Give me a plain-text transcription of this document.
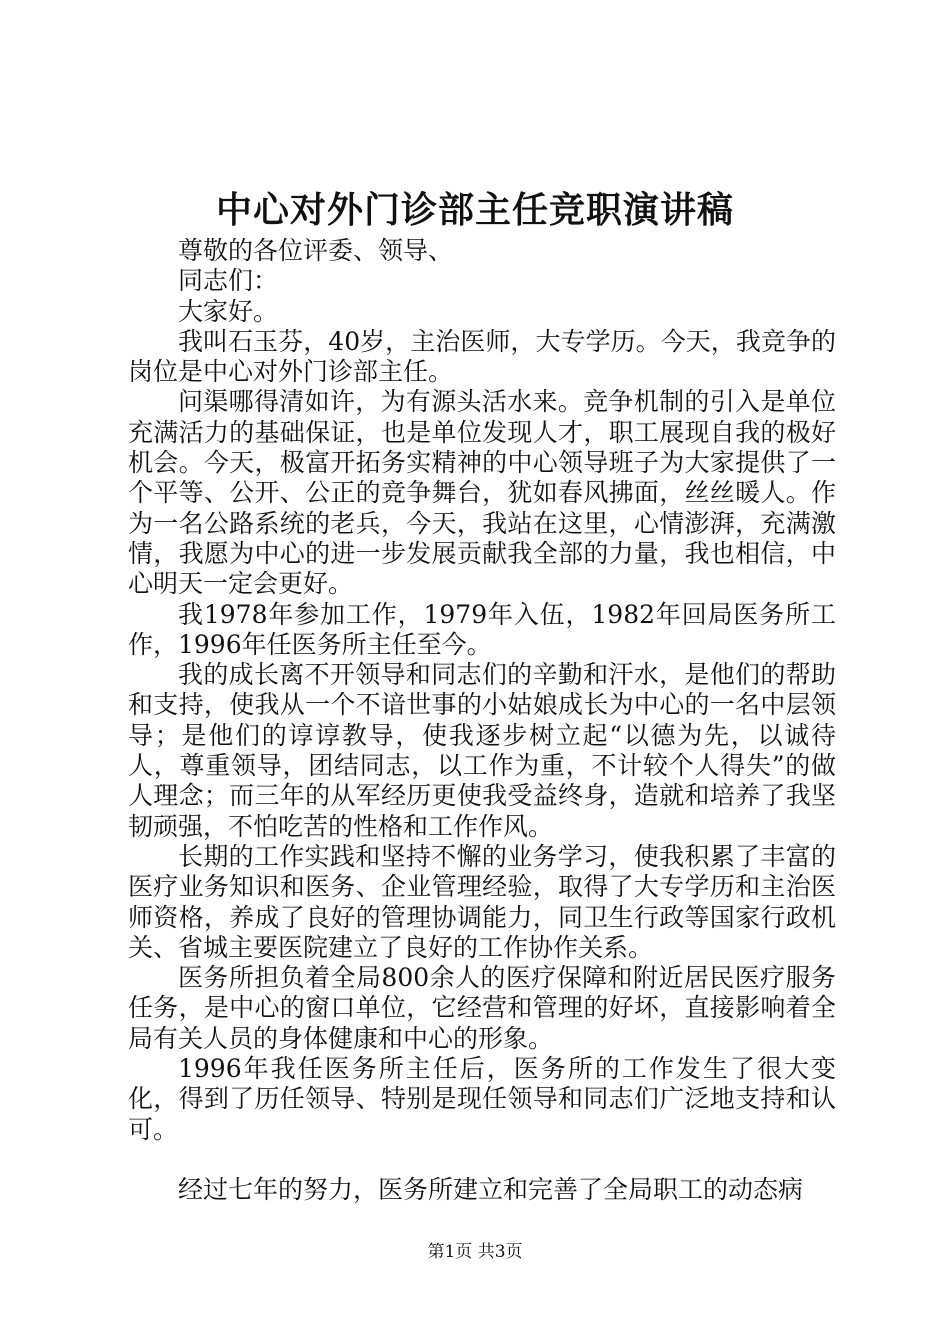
中心对外门诊部主任竞职演讲稿

尊敬的各位评委、领导、

同志们：

大家好。

我叫石玉芬，40岁，主治医师，大专学历。今天，我竞争的岗位是中心对外门诊部主任。

问渠哪得清如许，为有源头活水来。竞争机制的引入是单位充满活力的基础保证，也是单位发现人才，职工展现自我的极好机会。今天，极富开拓务实精神的中心领导班子为大家提供了一个平等、公开、公正的竞争舞台，犹如春风拂面，丝丝暖人。作为一名公路系统的老兵，今天，我站在这里，心情澎湃，充满激情，我愿为中心的进一步发展贡献我全部的力量，我也相信，中心明天一定会更好。

我1978年参加工作，1979年入伍，1982年回局医务所工作，1996年任医务所主任至今。

我的成长离不开领导和同志们的辛勤和汗水，是他们的帮助和支持，使我从一个不谙世事的小姑娘成长为中心的一名中层领导；是他们的谆谆教导，使我逐步树立起“以德为先，以诚待人，尊重领导，团结同志，以工作为重，不计较个人得失”的做人理念；而三年的从军经历更使我受益终身，造就和培养了我坚韧顽强，不怕吃苦的性格和工作作风。

长期的工作实践和坚持不懈的业务学习，使我积累了丰富的医疗业务知识和医务、企业管理经验，取得了大专学历和主治医师资格，养成了良好的管理协调能力，同卫生行政等国家行政机关、省城主要医院建立了良好的工作协作关系。

医务所担负着全局800余人的医疗保障和附近居民医疗服务任务，是中心的窗口单位，它经营和管理的好坏，直接影响着全局有关人员的身体健康和中心的形象。

1996年我任医务所主任后，医务所的工作发生了很大变化，得到了历任领导、特别是现任领导和同志们广泛地支持和认可。

经过七年的努力，医务所建立和完善了全局职工的动态病

第1页 共3页
